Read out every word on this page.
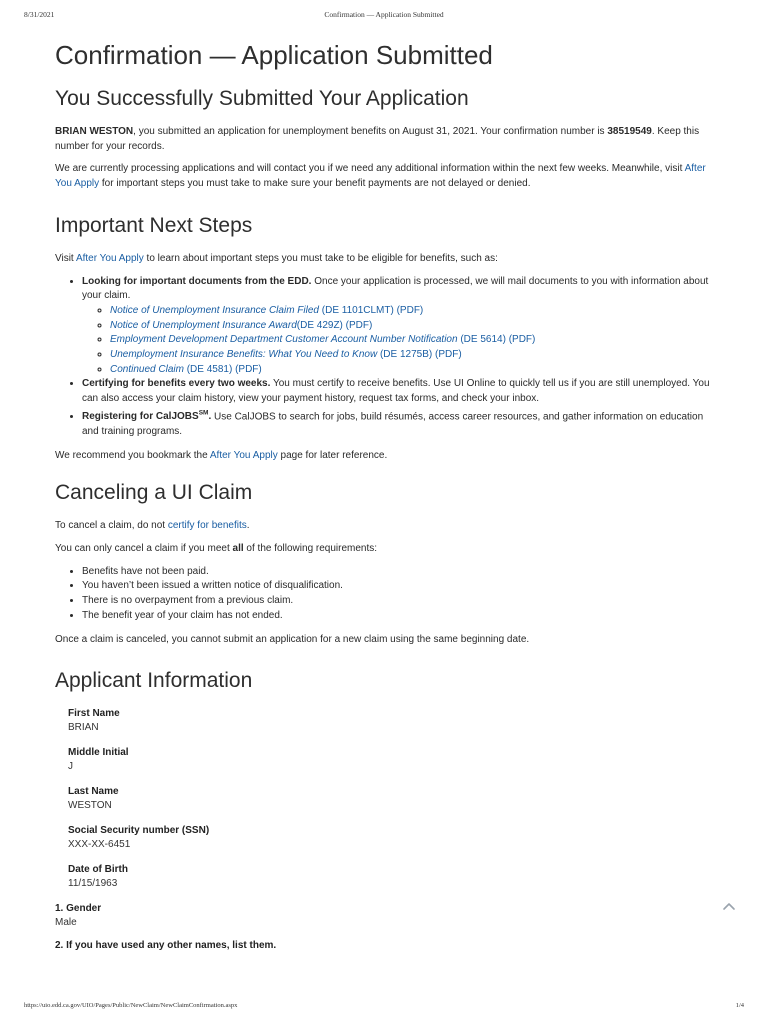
8/31/2021	Confirmation — Application Submitted
Confirmation — Application Submitted
You Successfully Submitted Your Application

BRIAN WESTON, you submitted an application for unemployment benefits on August 31, 2021. Your confirmation number is 38519549. Keep this number for your records.

We are currently processing applications and will contact you if we need any additional information within the next few weeks. Meanwhile, visit After You Apply for important steps you must take to make sure your benefit payments are not delayed or denied.

Important Next Steps

Visit After You Apply to learn about important steps you must take to be eligible for benefits, such as:

• Looking for important documents from the EDD. Once your application is processed, we will mail documents to you with information about your claim.
◦ Notice of Unemployment Insurance Claim Filed (DE 1101CLMT) (PDF)
◦ Notice of Unemployment Insurance Award(DE 429Z) (PDF)
◦ Employment Development Department Customer Account Number Notification (DE 5614) (PDF)
◦ Unemployment Insurance Benefits: What You Need to Know (DE 1275B) (PDF)
◦ Continued Claim (DE 4581) (PDF)
• Certifying for benefits every two weeks. You must certify to receive benefits. Use UI Online to quickly tell us if you are still unemployed. You can also access your claim history, view your payment history, request tax forms, and check your inbox.
• Registering for CalJOBS℠. Use CalJOBS to search for jobs, build résumés, access career resources, and gather information on education and training programs.

We recommend you bookmark the After You Apply page for later reference.

Canceling a UI Claim

To cancel a claim, do not certify for benefits.

You can only cancel a claim if you meet all of the following requirements:

• Benefits have not been paid.
• You haven’t been issued a written notice of disqualification.
• There is no overpayment from a previous claim.
• The benefit year of your claim has not ended.

Once a claim is canceled, you cannot submit an application for a new claim using the same beginning date.

Applicant Information
First Name
BRIAN
Middle Initial
J
Last Name
WESTON
Social Security number (SSN)
XXX-XX-6451
Date of Birth
11/15/1963
1. Gender
Male
2. If you have used any other names, list them.
https://uio.edd.ca.gov/UIO/Pages/Public/NewClaim/NewClaimConfirmation.aspx	1/4
